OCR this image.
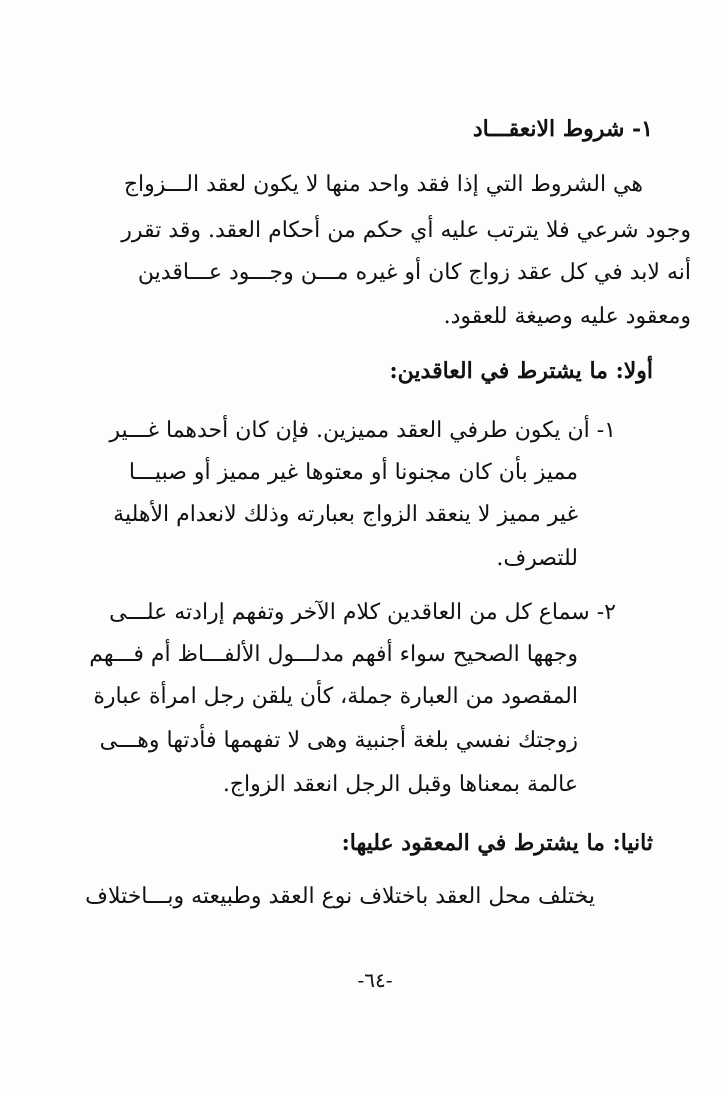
١- شروط الانعقـــاد
هي الشروط التي إذا فقد واحد منها لا يكون لعقد الـــزواج
وجود شرعي فلا يترتب عليه أي حكم من أحكام العقد. وقد تقرر
أنه لابد في كل عقد زواج كان أو غيره مـــن وجـــود عـــاقدين
ومعقود عليه وصيغة للعقود.
أولا: ما يشترط في العاقدين:
١- أن يكون طرفي العقد مميزين. فإن كان أحدهما غـــير
مميز بأن كان مجنونا أو معتوها غير مميز أو صبيـــا
غير مميز لا ينعقد الزواج بعبارته وذلك لانعدام الأهلية
للتصرف.
٢- سماع كل من العاقدين كلام الآخر وتفهم إرادته علـــى
وجهها الصحيح سواء أفهم مدلـــول الألفـــاظ أم فـــهم
المقصود من العبارة جملة، كأن يلقن رجل امرأة عبارة
زوجتك نفسي بلغة أجنبية وهى لا تفهمها فأدتها وهـــى
عالمة بمعناها وقبل الرجل انعقد الزواج.
ثانيا: ما يشترط في المعقود عليها:
يختلف محل العقد باختلاف نوع العقد وطبيعته وبـــاختلاف
-٦٤-
